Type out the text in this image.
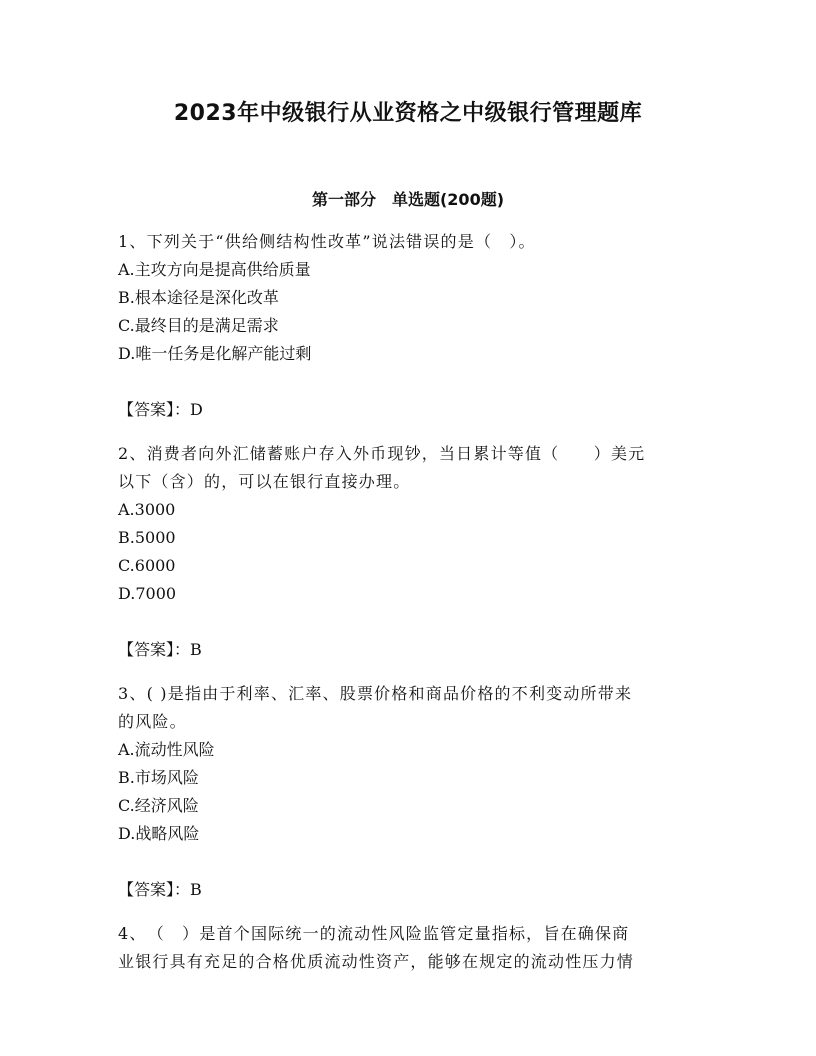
2023年中级银行从业资格之中级银行管理题库
第一部分　单选题(200题)

1、下列关于“供给侧结构性改革”说法错误的是（　）。

A.主攻方向是提高供给质量

B.根本途径是深化改革

C.最终目的是满足需求

D.唯一任务是化解产能过剩

【答案】：D

2、消费者向外汇储蓄账户存入外币现钞，当日累计等值（　　）美元

以下（含）的，可以在银行直接办理。

A.3000

B.5000

C.6000

D.7000

【答案】：B

3、( )是指由于利率、汇率、股票价格和商品价格的不利变动所带来

的风险。

A.流动性风险

B.市场风险

C.经济风险

D.战略风险

【答案】：B

4、　（　）是首个国际统一的流动性风险监管定量指标，旨在确保商

业银行具有充足的合格优质流动性资产，能够在规定的流动性压力情
